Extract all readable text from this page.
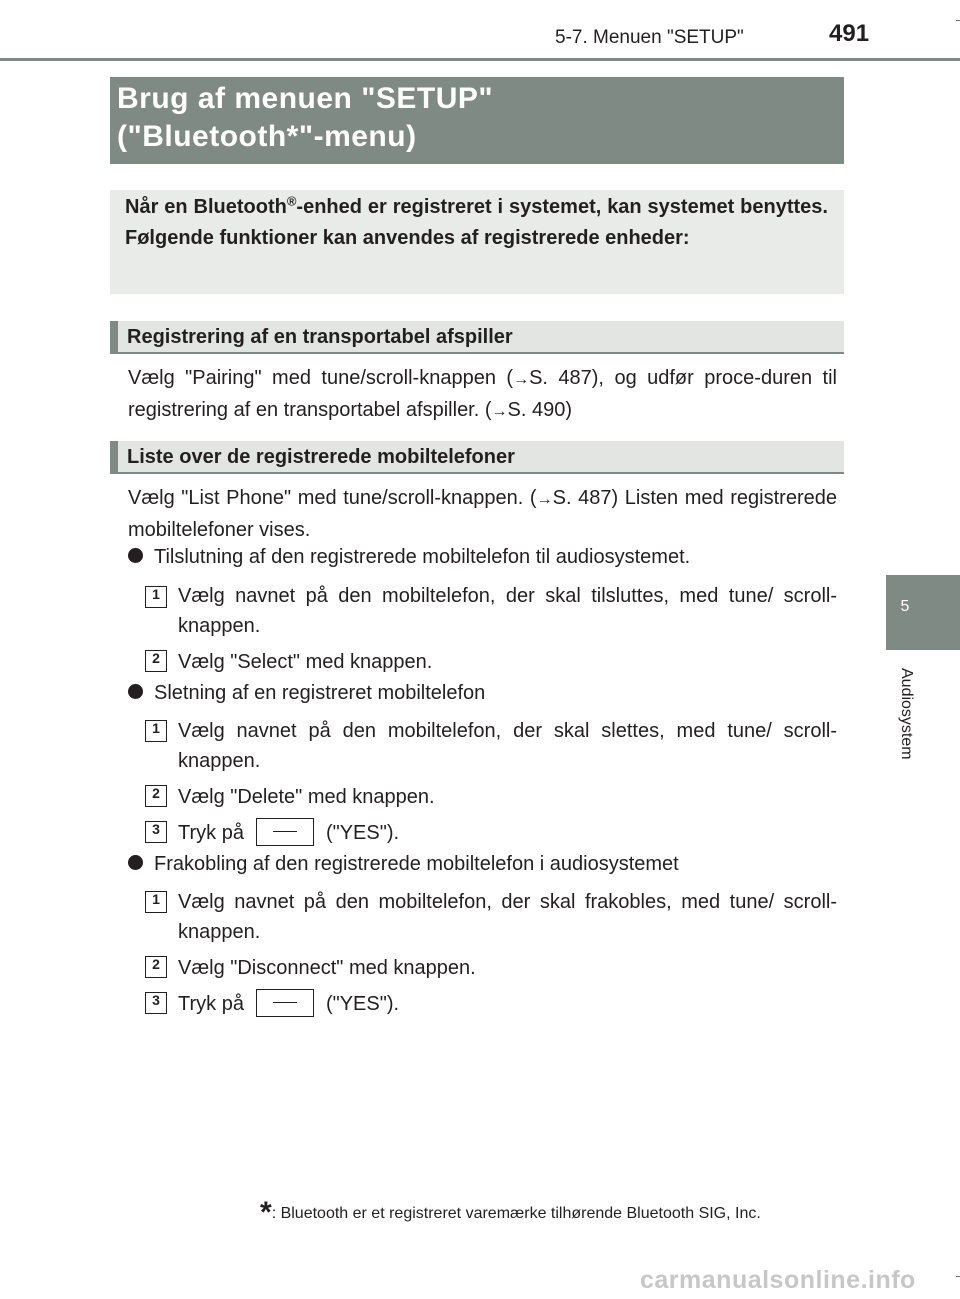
5-7. Menuen "SETUP"	491
5
Audiosystem
Brug af menuen "SETUP"
("Bluetooth*"-menu)
Når en Bluetooth®-enhed er registreret i systemet, kan systemet benyttes. Følgende funktioner kan anvendes af registrerede enheder:
Registrering af en transportabel afspiller
Vælg "Pairing" med tune/scroll-knappen (→S. 487), og udfør proce-duren til registrering af en transportabel afspiller. (→S. 490)
Liste over de registrerede mobiltelefoner
Vælg "List Phone" med tune/scroll-knappen. (→S. 487) Listen med registrerede mobiltelefoner vises.
Tilslutning af den registrerede mobiltelefon til audiosystemet.
1 Vælg navnet på den mobiltelefon, der skal tilsluttes, med tune/ scroll-knappen.
2 Vælg "Select" med knappen.
Sletning af en registreret mobiltelefon
1 Vælg navnet på den mobiltelefon, der skal slettes, med tune/ scroll-knappen.
2 Vælg "Delete" med knappen.
3 Tryk på	("YES").
Frakobling af den registrerede mobiltelefon i audiosystemet
1 Vælg navnet på den mobiltelefon, der skal frakobles, med tune/ scroll-knappen.
2 Vælg "Disconnect" med knappen.
3 Tryk på	("YES").
*: Bluetooth er et registreret varemærke tilhørende Bluetooth SIG, Inc.
carmanualsonline.info
